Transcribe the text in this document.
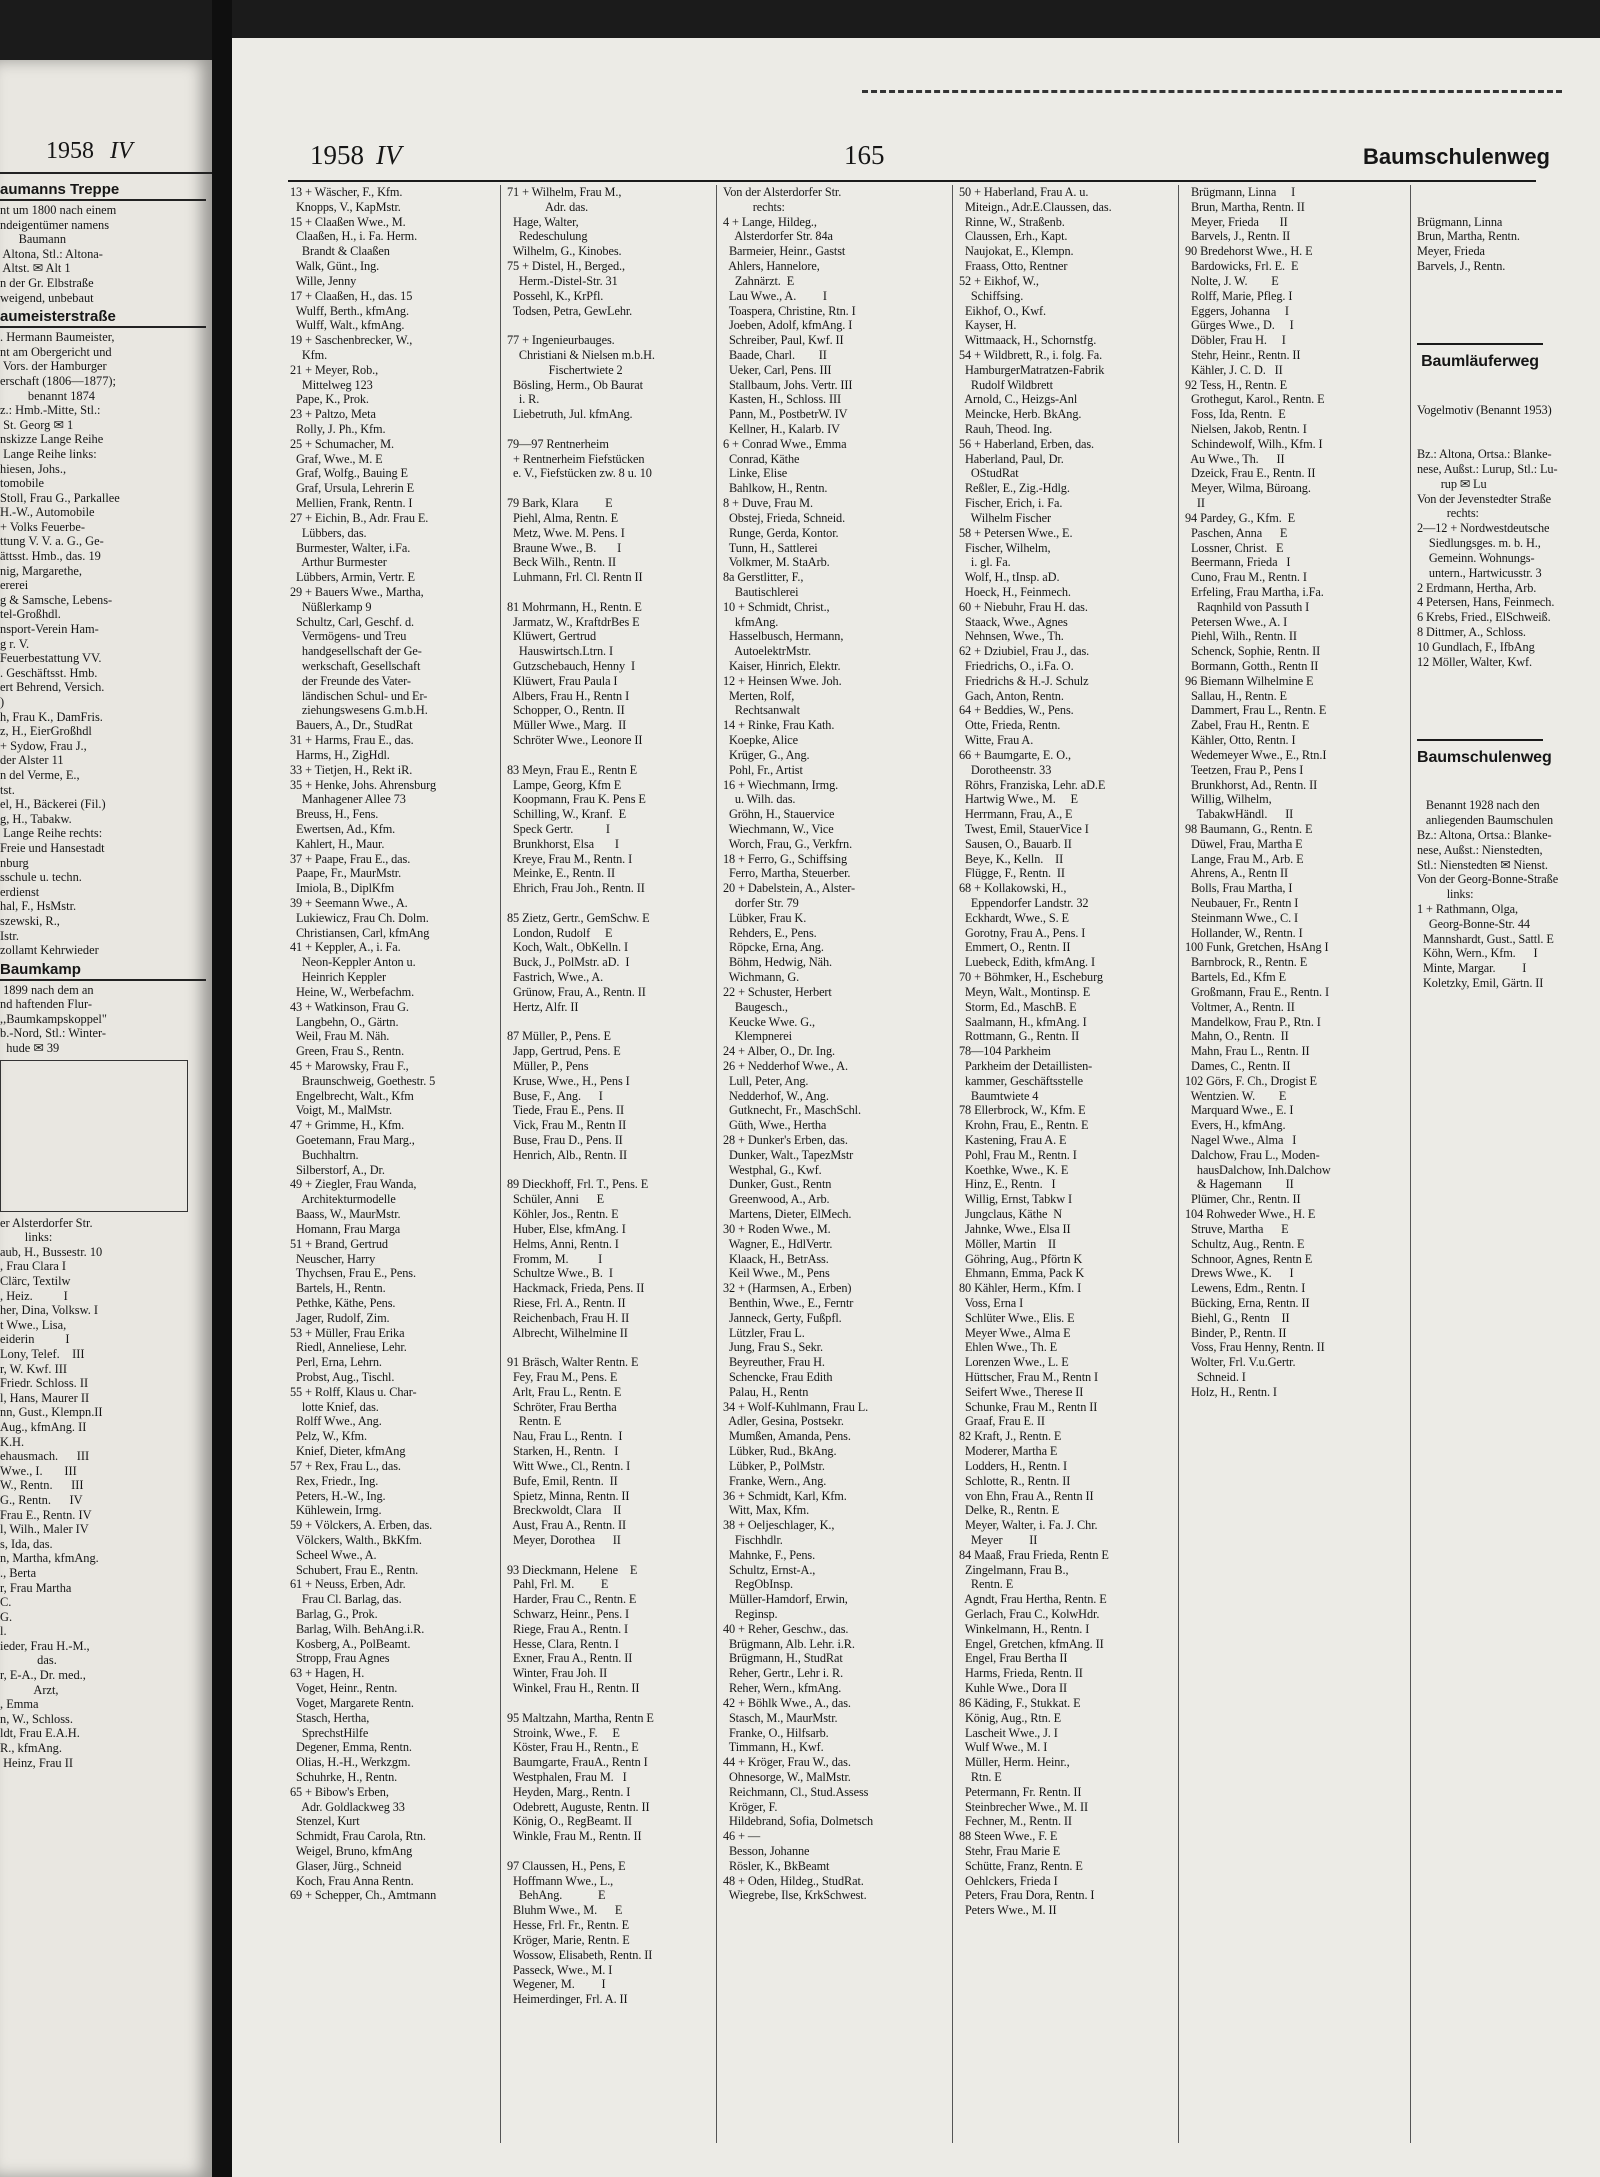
1958 IV
aumanns Treppe
nt um 1800 nach einem
ndeigentümer namens
Baumann
Altona, Stl.: Altona-
Altst. ✉ Alt 1
n der Gr. Elbstraße
weigend, unbebaut
aumeisterstraße
. Hermann Baumeister,
nt am Obergericht und
Vors. der Hamburger
erschaft (1806—1877);
benannt 1874
z.: Hmb.-Mitte, Stl.:
St. Georg ✉ 1
nskizze Lange Reihe
Lange Reihe links:
hiesen, Johs.,
tomobile
Stoll, Frau G., Parkallee
H.-W., Automobile
+ Volks Feuerbe-
ttung V. V. a. G., Ge-
ättsst. Hmb., das. 19
nig, Margarethe,
ererei
g & Samsche, Lebens-
tel-Großhdl.
nsport-Verein Ham-
g r. V.
Feuerbestattung VV.
. Geschäftsst. Hmb.
ert Behrend, Versich.
)
h, Frau K., DamFris.
z, H., EierGroßhdl
+ Sydow, Frau J.,
der Alster 11
n del Verme, E.,
tst.
el, H., Bäckerei (Fil.)
g, H., Tabakw.
Lange Reihe rechts:
Freie und Hansestadt
nburg
sschule u. techn.
erdienst
hal, F., HsMstr.
szewski, R.,
Istr.
zollamt Kehrwieder
Baumkamp
1899 nach dem an
nd haftenden Flur-
,,Baumkampskoppel"
b.-Nord, Stl.: Winter-
hude ✉ 39
er Alsterdorfer Str.
links:
aub, H., Bussestr. 10
, Frau Clara I
Clärc, Textilw
, Heiz.          I
her, Dina, Volksw. I
t Wwe., Lisa,
eiderin          I
Lony, Telef.    III
r, W. Kwf. III
Friedr. Schloss. II
l, Hans, Maurer II
nn, Gust., Klempn.II
Aug., kfmAng. II
K.H.
ehausmach.      III
Wwe., I.       III
W., Rentn.      III
G., Rentn.      IV
Frau E., Rentn. IV
l, Wilh., Maler IV
s, Ida, das.
n, Martha, kfmAng.
., Berta
r, Frau Martha
C.
G.
l.
ieder, Frau H.-M.,
das.
r, E-A., Dr. med.,
Arzt,
, Emma
n, W., Schloss.
ldt, Frau E.A.H.
R., kfmAng.
Heinz, Frau II
1958 IV	165	Baumschulenweg
13 + Wäscher, F., Kfm.
Knopps, V., KapMstr.
15 + Claaßen Wwe., M.
Claaßen, H., i. Fa. Herm.
Brandt & Claaßen
Walk, Günt., Ing.
Wille, Jenny
17 + Claaßen, H., das. 15
Wulff, Berth., kfmAng.
Wulff, Walt., kfmAng.
19 + Saschenbrecker, W.,
Kfm.
21 + Meyer, Rob.,
Mittelweg 123
Pape, K., Prok.
23 + Paltzo, Meta
Rolly, J. Ph., Kfm.
25 + Schumacher, M.
Graf, Wwe., M. E
Graf, Wolfg., Bauing E
Graf, Ursula, Lehrerin E
Mellien, Frank, Rentn. I
27 + Eichin, B., Adr. Frau E.
Lübbers, das.
Burmester, Walter, i.Fa.
Arthur Burmester
Lübbers, Armin, Vertr. E
29 + Bauers Wwe., Martha,
Nüßlerkamp 9
Schultz, Carl, Geschf. d.
Vermögens- und Treu
handgesellschaft der Ge-
werkschaft, Gesellschaft
der Freunde des Vater-
ländischen Schul- und Er-
ziehungswesens G.m.b.H.
Bauers, A., Dr., StudRat
31 + Harms, Frau E., das.
Harms, H., ZigHdl.
33 + Tietjen, H., Rekt iR.
35 + Henke, Johs. Ahrensburg
Manhagener Allee 73
Breuss, H., Fens.
Ewertsen, Ad., Kfm.
Kahlert, H., Maur.
37 + Paape, Frau E., das.
Paape, Fr., MaurMstr.
Imiola, B., DiplKfm
39 + Seemann Wwe., A.
Lukiewicz, Frau Ch. Dolm.
Christiansen, Carl, kfmAng
41 + Keppler, A., i. Fa.
Neon-Keppler Anton u.
Heinrich Keppler
Heine, W., Werbefachm.
43 + Watkinson, Frau G.
Langbehn, O., Gärtn.
Weil, Frau M. Näh.
Green, Frau S., Rentn.
45 + Marowsky, Frau F.,
Braunschweig, Goethestr. 5
Engelbrecht, Walt., Kfm
Voigt, M., MalMstr.
47 + Grimme, H., Kfm.
Goetemann, Frau Marg.,
Buchhaltrn.
Silberstorf, A., Dr.
49 + Ziegler, Frau Wanda,
Architekturmodelle
Baass, W., MaurMstr.
Homann, Frau Marga
51 + Brand, Gertrud
Neuscher, Harry
Thychsen, Frau E., Pens.
Bartels, H., Rentn.
Pethke, Käthe, Pens.
Jager, Rudolf, Zim.
53 + Müller, Frau Erika
Riedl, Anneliese, Lehr.
Perl, Erna, Lehrn.
Probst, Aug., Tischl.
55 + Rolff, Klaus u. Char-
lotte Knief, das.
Rolff Wwe., Ang.
Pelz, W., Kfm.
Knief, Dieter, kfmAng
57 + Rex, Frau L., das.
Rex, Friedr., Ing.
Peters, H.-W., Ing.
Kühlewein, Irmg.
59 + Völckers, A. Erben, das.
Völckers, Walth., BkKfm.
Scheel Wwe., A.
Schubert, Frau E., Rentn.
61 + Neuss, Erben, Adr.
Frau Cl. Barlag, das.
Barlag, G., Prok.
Barlag, Wilh. BehAng.i.R.
Kosberg, A., PolBeamt.
Stropp, Frau Agnes
63 + Hagen, H.
Voget, Heinr., Rentn.
Voget, Margarete Rentn.
Stasch, Hertha,
SprechstHilfe
Degener, Emma, Rentn.
Olias, H.-H., Werkzgm.
Schuhrke, H., Rentn.
65 + Bibow's Erben,
Adr. Goldlackweg 33
Stenzel, Kurt
Schmidt, Frau Carola, Rtn.
Weigel, Bruno, kfmAng
Glaser, Jürg., Schneid
Koch, Frau Anna Rentn.
69 + Schepper, Ch., Amtmann
71 + Wilhelm, Frau M.,
Adr. das.
Hage, Walter,
Redeschulung
Wilhelm, G., Kinobes.
75 + Distel, H., Berged.,
Herm.-Distel-Str. 31
Possehl, K., KrPfl.
Todsen, Petra, GewLehr.
77 + Ingenieurbauges.
Christiani & Nielsen m.b.H.
Fischertwiete 2
Bösling, Herm., Ob Baurat
i. R.
Liebetruth, Jul. kfmAng.
79—97 Rentnerheim
+ Rentnerheim Fiefstücken
e. V., Fiefstücken zw. 8 u. 10
79 Bark, Klara         E
Piehl, Alma, Rentn. E
Metz, Wwe. M. Pens. I
Braune Wwe., B.       I
Beck Wilh., Rentn. II
Luhmann, Frl. Cl. Rentn II
81 Mohrmann, H., Rentn. E
Jarmatz, W., KraftdrBes E
Klüwert, Gertrud
Hauswirtsch.Ltrn. I
Gutzschebauch, Henny  I
Klüwert, Frau Paula I
Albers, Frau H., Rentn I
Schopper, O., Rentn. II
Müller Wwe., Marg.  II
Schröter Wwe., Leonore II
83 Meyn, Frau E., Rentn E
Lampe, Georg, Kfm E
Koopmann, Frau K. Pens E
Schilling, W., Kranf.  E
Speck Gertr.           I
Brunkhorst, Elsa       I
Kreye, Frau M., Rentn. I
Meinke, E., Rentn. II
Ehrich, Frau Joh., Rentn. II
85 Zietz, Gertr., GemSchw. E
London, Rudolf     E
Koch, Walt., ObKelln. I
Buck, J., PolMstr. aD.  I
Fastrich, Wwe., A.
Grünow, Frau, A., Rentn. II
Hertz, Alfr. II
87 Müller, P., Pens. E
Japp, Gertrud, Pens. E
Müller, P., Pens
Kruse, Wwe., H., Pens I
Buse, F., Ang.      I
Tiede, Frau E., Pens. II
Vick, Frau M., Rentn II
Buse, Frau D., Pens. II
Henrich, Alb., Rentn. II
89 Dieckhoff, Frl. T., Pens. E
Schüler, Anni      E
Köhler, Jos., Rentn. E
Huber, Else, kfmAng. I
Helms, Anni, Rentn. I
Fromm, M.          I
Schultze Wwe., B.  I
Hackmack, Frieda, Pens. II
Riese, Frl. A., Rentn. II
Reichenbach, Frau H. II
Albrecht, Wilhelmine II
91 Bräsch, Walter Rentn. E
Fey, Frau M., Pens. E
Arlt, Frau L., Rentn. E
Schröter, Frau Bertha
Rentn. E
Nau, Frau L., Rentn.  I
Starken, H., Rentn.   I
Witt Wwe., Cl., Rentn. I
Bufe, Emil, Rentn.  II
Spietz, Minna, Rentn. II
Breckwoldt, Clara    II
Aust, Frau A., Rentn. II
Meyer, Dorothea      II
93 Dieckmann, Helene    E
Pahl, Frl. M.         E
Harder, Frau C., Rentn. E
Schwarz, Heinr., Pens. I
Riege, Frau A., Rentn. I
Hesse, Clara, Rentn. I
Exner, Frau A., Rentn. II
Winter, Frau Joh. II
Winkel, Frau H., Rentn. II
95 Maltzahn, Martha, Rentn E
Stroink, Wwe., F.     E
Köster, Frau H., Rentn., E
Baumgarte, FrauA., Rentn I
Westphalen, Frau M.   I
Heyden, Marg., Rentn. I
Odebrett, Auguste, Rentn. II
König, O., RegBeamt. II
Winkle, Frau M., Rentn. II
97 Claussen, H., Pens, E
Hoffmann Wwe., L.,
BehAng.            E
Bluhm Wwe., M.      E
Hesse, Frl. Fr., Rentn. E
Kröger, Marie, Rentn. E
Wossow, Elisabeth, Rentn. II
Passeck, Wwe., M. I
Wegener, M.         I
Heimerdinger, Frl. A. II
Von der Alsterdorfer Str.
rechts:
4 + Lange, Hildeg.,
Alsterdorfer Str. 84a
Barmeier, Heinr., Gastst
Ahlers, Hannelore,
Zahnärzt.  E
Lau Wwe., A.         I
Toaspera, Christine, Rtn. I
Joeben, Adolf, kfmAng. I
Schreiber, Paul, Kwf. II
Baade, Charl.        II
Ueker, Carl, Pens. III
Stallbaum, Johs. Vertr. III
Kasten, H., Schloss. III
Pann, M., PostbetrW. IV
Kellner, H., Kalarb. IV
6 + Conrad Wwe., Emma
Conrad, Käthe
Linke, Elise
Bahlkow, H., Rentn.
8 + Duve, Frau M.
Obstej, Frieda, Schneid.
Runge, Gerda, Kontor.
Tunn, H., Sattlerei
Volkmer, M. StaArb.
8a Gerstlitter, F.,
Bautischlerei
10 + Schmidt, Christ.,
kfmAng.
Hasselbusch, Hermann,
AutoelektrMstr.
Kaiser, Hinrich, Elektr.
12 + Heinsen Wwe. Joh.
Merten, Rolf,
Rechtsanwalt
14 + Rinke, Frau Kath.
Koepke, Alice
Krüger, G., Ang.
Pohl, Fr., Artist
16 + Wiechmann, Irmg.
u. Wilh. das.
Gröhn, H., Stauervice
Wiechmann, W., Vice
Worch, Frau, G., Verkfrn.
18 + Ferro, G., Schiffsing
Ferro, Martha, Steuerber.
20 + Dabelstein, A., Alster-
dorfer Str. 79
Lübker, Frau K.
Rehders, E., Pens.
Röpcke, Erna, Ang.
Böhm, Hedwig, Näh.
Wichmann, G.
22 + Schuster, Herbert
Baugesch.,
Keucke Wwe. G.,
Klempnerei
24 + Alber, O., Dr. Ing.
26 + Nedderhof Wwe., A.
Lull, Peter, Ang.
Nedderhof, W., Ang.
Gutknecht, Fr., MaschSchl.
Güth, Wwe., Hertha
28 + Dunker's Erben, das.
Dunker, Walt., TapezMstr
Westphal, G., Kwf.
Dunker, Gust., Rentn
Greenwood, A., Arb.
Martens, Dieter, ElMech.
30 + Roden Wwe., M.
Wagner, E., HdlVertr.
Klaack, H., BetrAss.
Keil Wwe., M., Pens
32 + (Harmsen, A., Erben)
Benthin, Wwe., E., Ferntr
Janneck, Gerty, Fußpfl.
Lützler, Frau L.
Jung, Frau S., Sekr.
Beyreuther, Frau H.
Schencke, Frau Edith
Palau, H., Rentn
34 + Wolf-Kuhlmann, Frau L.
Adler, Gesina, Postsekr.
Mumßen, Amanda, Pens.
Lübker, Rud., BkAng.
Lübker, P., PolMstr.
Franke, Wern., Ang.
36 + Schmidt, Karl, Kfm.
Witt, Max, Kfm.
38 + Oeljeschlager, K.,
Fischhdlr.
Mahnke, F., Pens.
Schultz, Ernst-A.,
RegObInsp.
Müller-Hamdorf, Erwin,
Reginsp.
40 + Reher, Geschw., das.
Brügmann, Alb. Lehr. i.R.
Brügmann, H., StudRat
Reher, Gertr., Lehr i. R.
Reher, Wern., kfmAng.
42 + Böhlk Wwe., A., das.
Stasch, M., MaurMstr.
Franke, O., Hilfsarb.
Timmann, H., Kwf.
44 + Kröger, Frau W., das.
Ohnesorge, W., MalMstr.
Reichmann, Cl., Stud.Assess
Kröger, F.
Hildebrand, Sofia, Dolmetsch
46 + —
Besson, Johanne
Rösler, K., BkBeamt
48 + Oden, Hildeg., StudRat.
Wiegrebe, Ilse, KrkSchwest.
50 + Haberland, Frau A. u.
Miteign., Adr.E.Claussen, das.
Rinne, W., Straßenb.
Claussen, Erh., Kapt.
Naujokat, E., Klempn.
Fraass, Otto, Rentner
52 + Eikhof, W.,
Schiffsing.
Eikhof, O., Kwf.
Kayser, H.
Wittmaack, H., Schornstfg.
54 + Wildbrett, R., i. folg. Fa.
HamburgerMatratzen-Fabrik
Rudolf Wildbrett
Arnold, C., Heizgs-Anl
Meincke, Herb. BkAng.
Rauh, Theod. Ing.
56 + Haberland, Erben, das.
Haberland, Paul, Dr.
OStudRat
Reßler, E., Zig.-Hdlg.
Fischer, Erich, i. Fa.
Wilhelm Fischer
58 + Petersen Wwe., E.
Fischer, Wilhelm,
i. gl. Fa.
Wolf, H., tInsp. aD.
Hoeck, H., Feinmech.
60 + Niebuhr, Frau H. das.
Staack, Wwe., Agnes
Nehnsen, Wwe., Th.
62 + Dziubiel, Frau J., das.
Friedrichs, O., i.Fa. O.
Friedrichs & H.-J. Schulz
Gach, Anton, Rentn.
64 + Beddies, W., Pens.
Otte, Frieda, Rentn.
Witte, Frau A.
66 + Baumgarte, E. O.,
Dorotheenstr. 33
Röhrs, Franziska, Lehr. aD.E
Hartwig Wwe., M.     E
Herrmann, Frau, A., E
Twest, Emil, StauerVice I
Sausen, O., Bauarb. II
Beye, K., Kelln.    II
Flügge, F., Rentn.  II
68 + Kollakowski, H.,
Eppendorfer Landstr. 32
Eckhardt, Wwe., S. E
Gorotny, Frau A., Pens. I
Emmert, O., Rentn. II
Luebeck, Edith, kfmAng. I
70 + Böhmker, H., Escheburg
Meyn, Walt., Montinsp. E
Storm, Ed., MaschB. E
Saalmann, H., kfmAng. I
Rottmann, G., Rentn. II
78—104 Parkheim
Parkheim der Detaillisten-
kammer, Geschäftsstelle
Baumtwiete 4
78 Ellerbrock, W., Kfm. E
Krohn, Frau, E., Rentn. E
Kastening, Frau A. E
Pohl, Frau M., Rentn. I
Koethke, Wwe., K. E
Hinz, E., Rentn.   I
Willig, Ernst, Tabkw I
Jungclaus, Käthe  N
Jahnke, Wwe., Elsa II
Möller, Martin    II
Göhring, Aug., Pförtn K
Ehmann, Emma, Pack K
80 Kähler, Herm., Kfm. I
Voss, Erna I
Schlüter Wwe., Elis. E
Meyer Wwe., Alma E
Ehlen Wwe., Th. E
Lorenzen Wwe., L. E
Hüttscher, Frau M., Rentn I
Seifert Wwe., Therese II
Schunke, Frau M., Rentn II
Graaf, Frau E. II
82 Kraft, J., Rentn. E
Moderer, Martha E
Lodders, H., Rentn. I
Schlotte, R., Rentn. II
von Ehn, Frau A., Rentn II
Delke, R., Rentn. E
Meyer, Walter, i. Fa. J. Chr.
Meyer         II
84 Maaß, Frau Frieda, Rentn E
Zingelmann, Frau B.,
Rentn. E
Agndt, Frau Hertha, Rentn. E
Gerlach, Frau C., KolwHdr.
Winkelmann, H., Rentn. I
Engel, Gretchen, kfmAng. II
Engel, Frau Bertha II
Harms, Frieda, Rentn. II
Kuhle Wwe., Dora II
86 Käding, F., Stukkat. E
König, Aug., Rtn. E
Lascheit Wwe., J. I
Wulf Wwe., M. I
Müller, Herm. Heinr.,
Rtn. E
Petermann, Fr. Rentn. II
Steinbrecher Wwe., M. II
Fechner, M., Rentn. II
88 Steen Wwe., F. E
Stehr, Frau Marie E
Schütte, Franz, Rentn. E
Oehlckers, Frieda I
Peters, Frau Dora, Rentn. I
Peters Wwe., M. II
Brügmann, Linna     I
Brun, Martha, Rentn. II
Meyer, Frieda       II
Barvels, J., Rentn. II
90 Bredehorst Wwe., H. E
Bardowicks, Frl. E.  E
Nolte, J. W.        E
Rolff, Marie, Pfleg. I
Eggers, Johanna     I
Gürges Wwe., D.     I
Döbler, Frau H.     I
Stehr, Heinr., Rentn. II
Kähler, J. C. D.   II
92 Tess, H., Rentn. E
Grothegut, Karol., Rentn. E
Foss, Ida, Rentn.  E
Nielsen, Jakob, Rentn. I
Schindewolf, Wilh., Kfm. I
Au Wwe., Th.      II
Dzeick, Frau E., Rentn. II
Meyer, Wilma, Büroang.
II
94 Pardey, G., Kfm.  E
Paschen, Anna      E
Lossner, Christ.   E
Beermann, Frieda   I
Cuno, Frau M., Rentn. I
Erfeling, Frau Martha, i.Fa.
Raqnhild von Passuth I
Petersen Wwe., A. I
Piehl, Wilh., Rentn. II
Schenck, Sophie, Rentn. II
Bormann, Gotth., Rentn II
96 Biemann Wilhelmine E
Sallau, H., Rentn. E
Dammert, Frau L., Rentn. E
Zabel, Frau H., Rentn. E
Kähler, Otto, Rentn. I
Wedemeyer Wwe., E., Rtn.I
Teetzen, Frau P., Pens I
Brunkhorst, Ad., Rentn. II
Willig, Wilhelm,
TabakwHändl.      II
98 Baumann, G., Rentn. E
Düwel, Frau, Martha E
Lange, Frau M., Arb. E
Ahrens, A., Rentn II
Bolls, Frau Martha, I
Neubauer, Fr., Rentn I
Steinmann Wwe., C. I
Hollander, W., Rentn. I
100 Funk, Gretchen, HsAng I
Barnbrock, R., Rentn. E
Bartels, Ed., Kfm E
Großmann, Frau E., Rentn. I
Voltmer, A., Rentn. II
Mandelkow, Frau P., Rtn. I
Mahn, O., Rentn.  II
Mahn, Frau L., Rentn. II
Dames, C., Rentn. II
102 Görs, F. Ch., Drogist E
Wentzien. W.        E
Marquard Wwe., E. I
Evers, H., kfmAng.
Nagel Wwe., Alma   I
Dalchow, Frau L., Moden-
hausDalchow, Inh.Dalchow
& Hagemann        II
Plümer, Chr., Rentn. II
104 Rohweder Wwe., H. E
Struve, Martha      E
Schultz, Aug., Rentn. E
Schnoor, Agnes, Rentn E
Drews Wwe., K.      I
Lewens, Edm., Rentn. I
Bücking, Erna, Rentn. II
Biehl, G., Rentn    II
Binder, P., Rentn. II
Voss, Frau Henny, Rentn. II
Wolter, Frl. V.u.Gertr.
Schneid. I
Holz, H., Rentn. I

Brügmann, Linna
Brun, Martha, Rentn.
Meyer, Frieda
Barvels, J., Rentn.

Baumläuferweg

Vogelmotiv (Benannt 1953)

Bz.: Altona, Ortsa.: Blanke-
nese, Außst.: Lurup, Stl.: Lu-
rup ✉ Lu
Von der Jevenstedter Straße
rechts:
2—12 + Nordwestdeutsche
Siedlungsges. m. b. H.,
Gemeinn. Wohnungs-
untern., Hartwicusstr. 3
2 Erdmann, Hertha, Arb.
4 Petersen, Hans, Feinmech.
6 Krebs, Fried., ElSchweiß.
8 Dittmer, A., Schloss.
10 Gundlach, F., IfbAng
12 Möller, Walter, Kwf.

Baumschulenweg

Benannt 1928 nach den
anliegenden Baumschulen
Bz.: Altona, Ortsa.: Blanke-
nese, Außst.: Nienstedten,
Stl.: Nienstedten ✉ Nienst.
Von der Georg-Bonne-Straße
links:
1 + Rathmann, Olga,
Georg-Bonne-Str. 44
Mannshardt, Gust., Sattl. E
Köhn, Wern., Kfm.      I
Minte, Margar.         I
Koletzky, Emil, Gärtn. II
